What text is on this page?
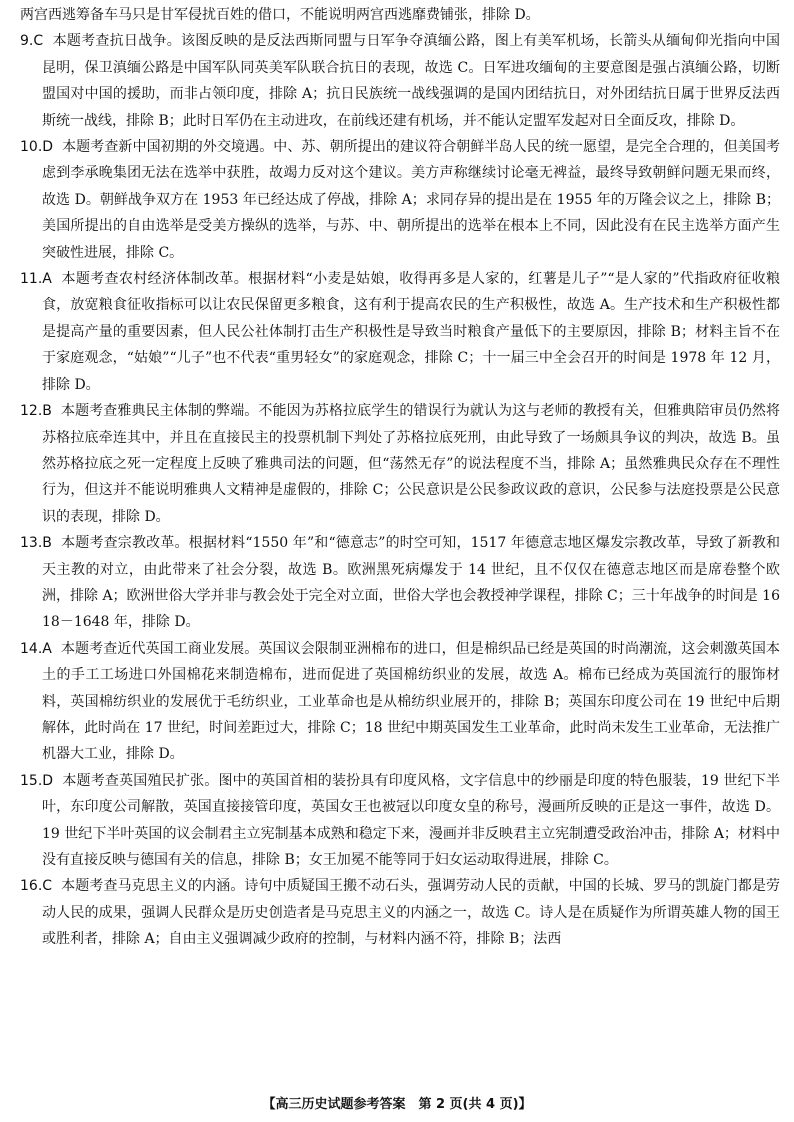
两宫西逃筹备车马只是甘军侵扰百姓的借口，不能说明两宫西逃靡费铺张，排除 D。

9.C 本题考查抗日战争。该图反映的是反法西斯同盟与日军争夺滇缅公路，图上有美军机场，长箭头从缅甸仰光指向中国昆明，保卫滇缅公路是中国军队同英美军队联合抗日的表现，故选 C。日军进攻缅甸的主要意图是强占滇缅公路，切断盟国对中国的援助，而非占领印度，排除 A；抗日民族统一战线强调的是国内团结抗日，对外团结抗日属于世界反法西斯统一战线，排除 B；此时日军仍在主动进攻，在前线还建有机场，并不能认定盟军发起对日全面反攻，排除 D。

10.D 本题考查新中国初期的外交境遇。中、苏、朝所提出的建议符合朝鲜半岛人民的统一愿望，是完全合理的，但美国考虑到李承晚集团无法在选举中获胜，故竭力反对这个建议。美方声称继续讨论毫无裨益，最终导致朝鲜问题无果而终，故选 D。朝鲜战争双方在 1953 年已经达成了停战，排除 A；求同存异的提出是在 1955 年的万隆会议之上，排除 B；美国所提出的自由选举是受美方操纵的选举，与苏、中、朝所提出的选举在根本上不同，因此没有在民主选举方面产生突破性进展，排除 C。

11.A 本题考查农村经济体制改革。根据材料“小麦是姑娘，收得再多是人家的，红薯是儿子”“是人家的”代指政府征收粮食，放宽粮食征收指标可以让农民保留更多粮食，这有利于提高农民的生产积极性，故选 A。生产技术和生产积极性都是提高产量的重要因素，但人民公社体制打击生产积极性是导致当时粮食产量低下的主要原因，排除 B；材料主旨不在于家庭观念，“姑娘”“儿子”也不代表“重男轻女”的家庭观念，排除 C；十一届三中全会召开的时间是 1978 年 12 月，排除 D。

12.B 本题考查雅典民主体制的弊端。不能因为苏格拉底学生的错误行为就认为这与老师的教授有关，但雅典陪审员仍然将苏格拉底牵连其中，并且在直接民主的投票机制下判处了苏格拉底死刑，由此导致了一场颇具争议的判决，故选 B。虽然苏格拉底之死一定程度上反映了雅典司法的问题，但“荡然无存”的说法程度不当，排除 A；虽然雅典民众存在不理性行为，但这并不能说明雅典人文精神是虚假的，排除 C；公民意识是公民参政议政的意识，公民参与法庭投票是公民意识的表现，排除 D。

13.B 本题考查宗教改革。根据材料“1550 年”和“德意志”的时空可知，1517 年德意志地区爆发宗教改革，导致了新教和天主教的对立，由此带来了社会分裂，故选 B。欧洲黑死病爆发于 14 世纪，且不仅仅在德意志地区而是席卷整个欧洲，排除 A；欧洲世俗大学并非与教会处于完全对立面，世俗大学也会教授神学课程，排除 C；三十年战争的时间是 1618－1648 年，排除 D。

14.A 本题考查近代英国工商业发展。英国议会限制亚洲棉布的进口，但是棉织品已经是英国的时尚潮流，这会刺激英国本土的手工工场进口外国棉花来制造棉布，进而促进了英国棉纺织业的发展，故选 A。棉布已经成为英国流行的服饰材料，英国棉纺织业的发展优于毛纺织业，工业革命也是从棉纺织业展开的，排除 B；英国东印度公司在 19 世纪中后期解体，此时尚在 17 世纪，时间差距过大，排除 C；18 世纪中期英国发生工业革命，此时尚未发生工业革命，无法推广机器大工业，排除 D。

15.D 本题考查英国殖民扩张。图中的英国首相的装扮具有印度风格，文字信息中的纱丽是印度的特色服装，19 世纪下半叶，东印度公司解散，英国直接接管印度，英国女王也被冠以印度女皇的称号，漫画所反映的正是这一事件，故选 D。19 世纪下半叶英国的议会制君主立宪制基本成熟和稳定下来，漫画并非反映君主立宪制遭受政治冲击，排除 A；材料中没有直接反映与德国有关的信息，排除 B；女王加冕不能等同于妇女运动取得进展，排除 C。

16.C 本题考查马克思主义的内涵。诗句中质疑国王搬不动石头，强调劳动人民的贡献，中国的长城、罗马的凯旋门都是劳动人民的成果，强调人民群众是历史创造者是马克思主义的内涵之一，故选 C。诗人是在质疑作为所谓英雄人物的国王或胜利者，排除 A；自由主义强调减少政府的控制，与材料内涵不符，排除 B；法西

【高三历史试题参考答案　第 2 页(共 4 页)】
